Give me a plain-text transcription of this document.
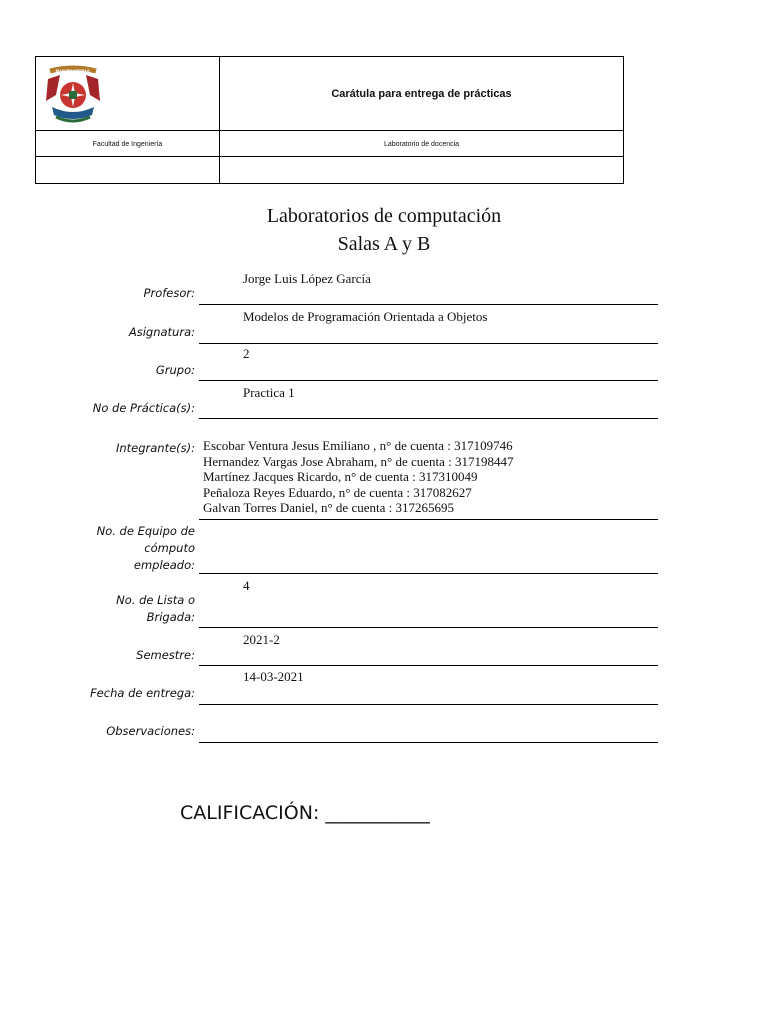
Facultad de Ingeniería	Laboratorio de docencia
INGENIERIA
Carátula para entrega de prácticas
Laboratorios de computación
Salas A y B
Jorge Luis López García
Profesor:
Modelos de Programación Orientada a Objetos
Asignatura:
2
Grupo:
Practica 1
No de Práctica(s):
Integrante(s): Escobar Ventura Jesus Emiliano , n° de cuenta : 317109746
Hernandez Vargas Jose Abraham, n° de cuenta : 317198447
Martínez Jacques Ricardo, n° de cuenta : 317310049
Peñaloza Reyes Eduardo, n° de cuenta : 317082627
Galvan Torres Daniel, n° de cuenta : 317265695
No. de Equipo de
cómputo
empleado:
4
No. de Lista o
Brigada:
2021-2
Semestre:
14-03-2021
Fecha de entrega:
Observaciones:
CALIFICACIÓN: ___________
